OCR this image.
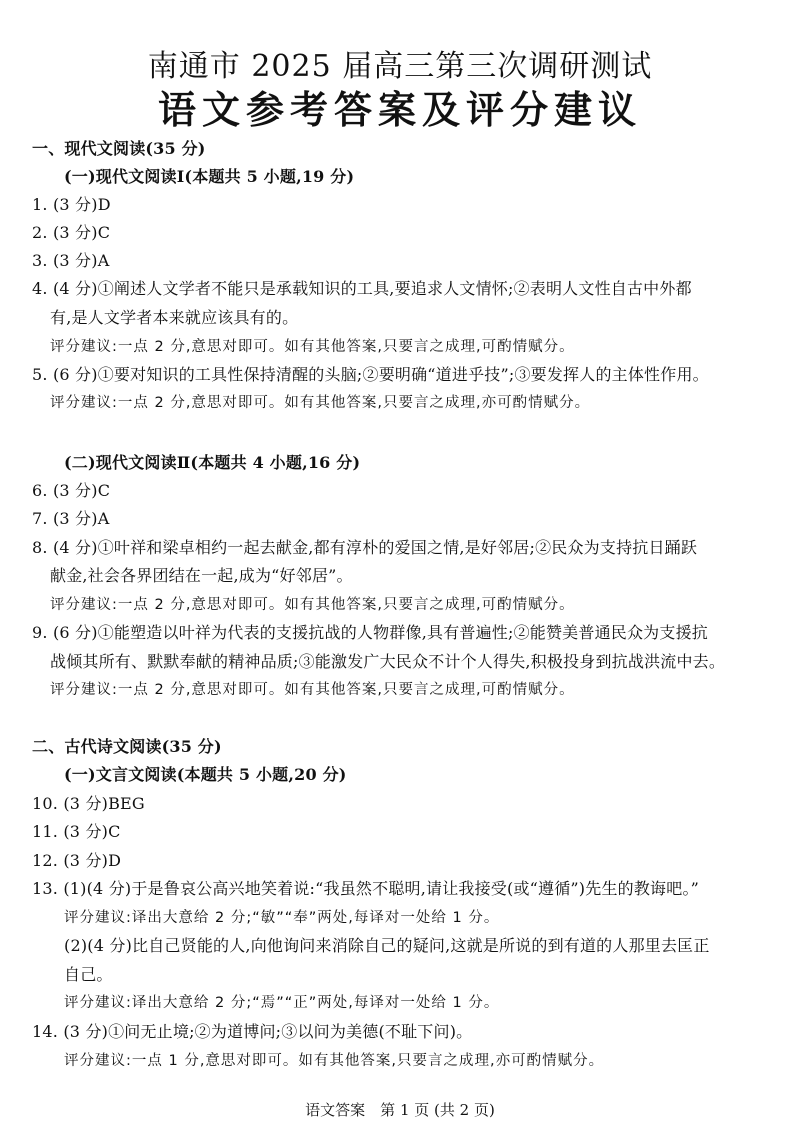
南通市 2025 届高三第三次调研测试
语文参考答案及评分建议
一、现代文阅读(35 分)
(一)现代文阅读Ⅰ(本题共 5 小题,19 分)
1. (3 分)D
2. (3 分)C
3. (3 分)A
4. (4 分)①阐述人文学者不能只是承载知识的工具,要追求人文情怀;②表明人文性自古中外都
有,是人文学者本来就应该具有的。
评分建议:一点 2 分,意思对即可。如有其他答案,只要言之成理,可酌情赋分。
5. (6 分)①要对知识的工具性保持清醒的头脑;②要明确“道进乎技”;③要发挥人的主体性作用。
评分建议:一点 2 分,意思对即可。如有其他答案,只要言之成理,亦可酌情赋分。
(二)现代文阅读Ⅱ(本题共 4 小题,16 分)
6. (3 分)C
7. (3 分)A
8. (4 分)①叶祥和梁卓相约一起去献金,都有淳朴的爱国之情,是好邻居;②民众为支持抗日踊跃
献金,社会各界团结在一起,成为“好邻居”。
评分建议:一点 2 分,意思对即可。如有其他答案,只要言之成理,可酌情赋分。
9. (6 分)①能塑造以叶祥为代表的支援抗战的人物群像,具有普遍性;②能赞美普通民众为支援抗
战倾其所有、默默奉献的精神品质;③能激发广大民众不计个人得失,积极投身到抗战洪流中去。
评分建议:一点 2 分,意思对即可。如有其他答案,只要言之成理,可酌情赋分。
二、古代诗文阅读(35 分)
(一)文言文阅读(本题共 5 小题,20 分)
10. (3 分)BEG
11. (3 分)C
12. (3 分)D
13. (1)(4 分)于是鲁哀公高兴地笑着说:“我虽然不聪明,请让我接受(或“遵循”)先生的教诲吧。”
评分建议:译出大意给 2 分;“敏”“奉”两处,每译对一处给 1 分。
(2)(4 分)比自己贤能的人,向他询问来消除自己的疑问,这就是所说的到有道的人那里去匡正
自己。
评分建议:译出大意给 2 分;“焉”“正”两处,每译对一处给 1 分。
14. (3 分)①问无止境;②为道博问;③以问为美德(不耻下问)。
评分建议:一点 1 分,意思对即可。如有其他答案,只要言之成理,亦可酌情赋分。
语文答案　第 1 页 (共 2 页)
